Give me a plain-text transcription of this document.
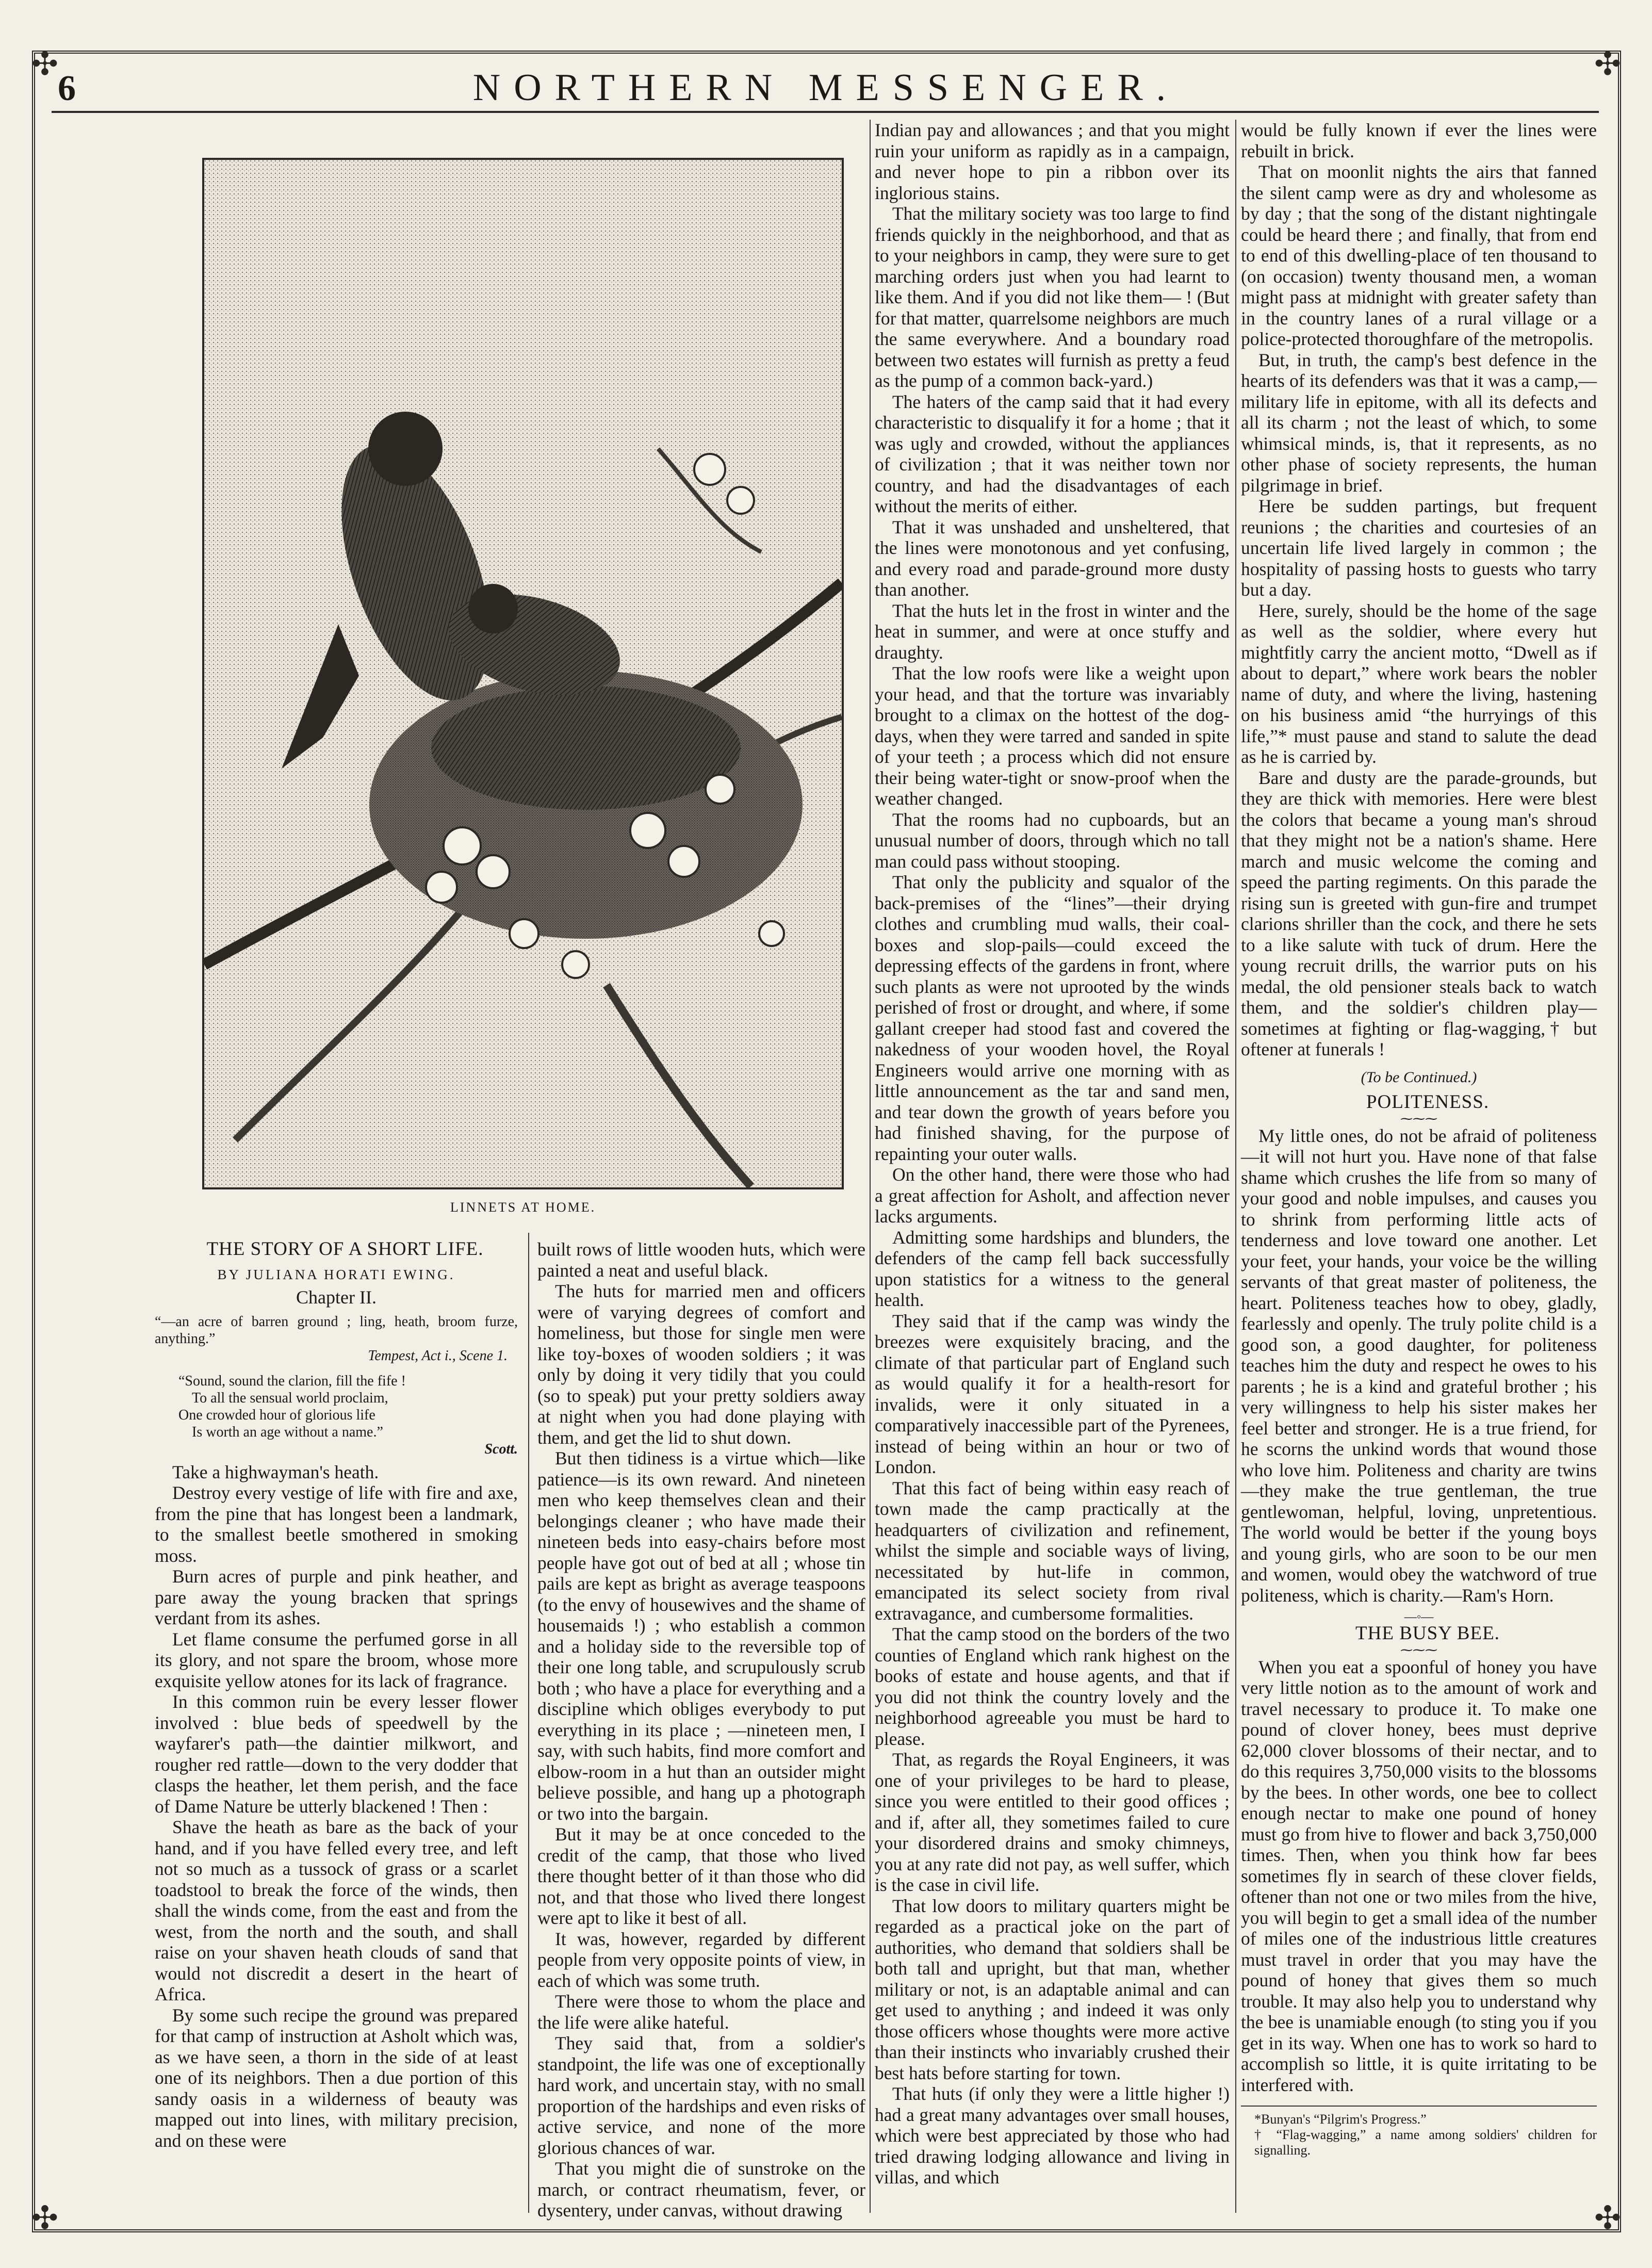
✣	✣
✣	✣
6	NORTHERN MESSENGER.
LINNETS AT HOME.

THE STORY OF A SHORT LIFE.

BY JULIANA HORATI EWING.
Chapter II.
“—an acre of barren ground ; ling, heath, broom furze, anything.”
Tempest, Act i., Scene 1.
“Sound, sound the clarion, fill the fife !
To all the sensual world proclaim,
One crowded hour of glorious life
Is worth an age without a name.”
Scott.

Take a highwayman's heath.

Destroy every vestige of life with fire and axe, from the pine that has longest been a landmark, to the smallest beetle smothered in smoking moss.

Burn acres of purple and pink heather, and pare away the young bracken that springs verdant from its ashes.

Let flame consume the perfumed gorse in all its glory, and not spare the broom, whose more exquisite yellow atones for its lack of fragrance.

In this common ruin be every lesser flower involved : blue beds of speedwell by the wayfarer's path—the daintier milkwort, and rougher red rattle—down to the very dodder that clasps the heather, let them perish, and the face of Dame Nature be utterly blackened ! Then :

Shave the heath as bare as the back of your hand, and if you have felled every tree, and left not so much as a tussock of grass or a scarlet toadstool to break the force of the winds, then shall the winds come, from the east and from the west, from the north and the south, and shall raise on your shaven heath clouds of sand that would not discredit a desert in the heart of Africa.

By some such recipe the ground was prepared for that camp of instruction at Asholt which was, as we have seen, a thorn in the side of at least one of its neighbors. Then a due portion of this sandy oasis in a wilderness of beauty was mapped out into lines, with military precision, and on these were

built rows of little wooden huts, which were painted a neat and useful black.

The huts for married men and officers were of varying degrees of comfort and homeliness, but those for single men were like toy-boxes of wooden soldiers ; it was only by doing it very tidily that you could (so to speak) put your pretty soldiers away at night when you had done playing with them, and get the lid to shut down.

But then tidiness is a virtue which—like patience—is its own reward. And nineteen men who keep themselves clean and their belongings cleaner ; who have made their nineteen beds into easy-chairs before most people have got out of bed at all ; whose tin pails are kept as bright as average teaspoons (to the envy of housewives and the shame of housemaids !) ; who establish a common and a holiday side to the reversible top of their one long table, and scrupulously scrub both ; who have a place for everything and a discipline which obliges everybody to put everything in its place ; —nineteen men, I say, with such habits, find more comfort and elbow-room in a hut than an outsider might believe possible, and hang up a photograph or two into the bargain.

But it may be at once conceded to the credit of the camp, that those who lived there thought better of it than those who did not, and that those who lived there longest were apt to like it best of all.

It was, however, regarded by different people from very opposite points of view, in each of which was some truth.

There were those to whom the place and the life were alike hateful.

They said that, from a soldier's standpoint, the life was one of exceptionally hard work, and uncertain stay, with no small proportion of the hardships and even risks of active service, and none of the more glorious chances of war.

That you might die of sunstroke on the march, or contract rheumatism, fever, or dysentery, under canvas, without drawing

Indian pay and allowances ; and that you might ruin your uniform as rapidly as in a campaign, and never hope to pin a ribbon over its inglorious stains.

That the military society was too large to find friends quickly in the neighborhood, and that as to your neighbors in camp, they were sure to get marching orders just when you had learnt to like them. And if you did not like them— ! (But for that matter, quarrelsome neighbors are much the same everywhere. And a boundary road between two estates will furnish as pretty a feud as the pump of a common back-yard.)

The haters of the camp said that it had every characteristic to disqualify it for a home ; that it was ugly and crowded, without the appliances of civilization ; that it was neither town nor country, and had the disadvantages of each without the merits of either.

That it was unshaded and unsheltered, that the lines were monotonous and yet confusing, and every road and parade-ground more dusty than another.

That the huts let in the frost in winter and the heat in summer, and were at once stuffy and draughty.

That the low roofs were like a weight upon your head, and that the torture was invariably brought to a climax on the hottest of the dog-days, when they were tarred and sanded in spite of your teeth ; a process which did not ensure their being water-tight or snow-proof when the weather changed.

That the rooms had no cupboards, but an unusual number of doors, through which no tall man could pass without stooping.

That only the publicity and squalor of the back-premises of the “lines”—their drying clothes and crumbling mud walls, their coal-boxes and slop-pails—could exceed the depressing effects of the gardens in front, where such plants as were not uprooted by the winds perished of frost or drought, and where, if some gallant creeper had stood fast and covered the nakedness of your wooden hovel, the Royal Engineers would arrive one morning with as little announcement as the tar and sand men, and tear down the growth of years before you had finished shaving, for the purpose of repainting your outer walls.

On the other hand, there were those who had a great affection for Asholt, and affection never lacks arguments.

Admitting some hardships and blunders, the defenders of the camp fell back successfully upon statistics for a witness to the general health.

They said that if the camp was windy the breezes were exquisitely bracing, and the climate of that particular part of England such as would qualify it for a health-resort for invalids, were it only situated in a comparatively inaccessible part of the Pyrenees, instead of being within an hour or two of London.

That this fact of being within easy reach of town made the camp practically at the headquarters of civilization and refinement, whilst the simple and sociable ways of living, necessitated by hut-life in common, emancipated its select society from rival extravagance, and cumbersome formalities.

That the camp stood on the borders of the two counties of England which rank highest on the books of estate and house agents, and that if you did not think the country lovely and the neighborhood agreeable you must be hard to please.

That, as regards the Royal Engineers, it was one of your privileges to be hard to please, since you were entitled to their good offices ; and if, after all, they sometimes failed to cure your disordered drains and smoky chimneys, you at any rate did not pay, as well suffer, which is the case in civil life.

That low doors to military quarters might be regarded as a practical joke on the part of authorities, who demand that soldiers shall be both tall and upright, but that man, whether military or not, is an adaptable animal and can get used to anything ; and indeed it was only those officers whose thoughts were more active than their instincts who invariably crushed their best hats before starting for town.

That huts (if only they were a little higher !) had a great many advantages over small houses, which were best appreciated by those who had tried drawing lodging allowance and living in villas, and which

would be fully known if ever the lines were rebuilt in brick.

That on moonlit nights the airs that fanned the silent camp were as dry and wholesome as by day ; that the song of the distant nightingale could be heard there ; and finally, that from end to end of this dwelling-place of ten thousand to (on occasion) twenty thousand men, a woman might pass at midnight with greater safety than in the country lanes of a rural village or a police-protected thoroughfare of the metropolis.

But, in truth, the camp's best defence in the hearts of its defenders was that it was a camp,—military life in epitome, with all its defects and all its charm ; not the least of which, to some whimsical minds, is, that it represents, as no other phase of society represents, the human pilgrimage in brief.

Here be sudden partings, but frequent reunions ; the charities and courtesies of an uncertain life lived largely in common ; the hospitality of passing hosts to guests who tarry but a day.

Here, surely, should be the home of the sage as well as the soldier, where every hut mightfitly carry the ancient motto, “Dwell as if about to depart,” where work bears the nobler name of duty, and where the living, hastening on his business amid “the hurryings of this life,”* must pause and stand to salute the dead as he is carried by.

Bare and dusty are the parade-grounds, but they are thick with memories. Here were blest the colors that became a young man's shroud that they might not be a nation's shame. Here march and music welcome the coming and speed the parting regiments. On this parade the rising sun is greeted with gun-fire and trumpet clarions shriller than the cock, and there he sets to a like salute with tuck of drum. Here the young recruit drills, the warrior puts on his medal, the old pensioner steals back to watch them, and the soldier's children play—sometimes at fighting or flag-wagging,† but oftener at funerals !

(To be Continued.)

POLITENESS.

⁓⁓⁓

My little ones, do not be afraid of politeness—it will not hurt you. Have none of that false shame which crushes the life from so many of your good and noble impulses, and causes you to shrink from performing little acts of tenderness and love toward one another. Let your feet, your hands, your voice be the willing servants of that great master of politeness, the heart. Politeness teaches how to obey, gladly, fearlessly and openly. The truly polite child is a good son, a good daughter, for politeness teaches him the duty and respect he owes to his parents ; he is a kind and grateful brother ; his very willingness to help his sister makes her feel better and stronger. He is a true friend, for he scorns the unkind words that wound those who love him. Politeness and charity are twins —they make the true gentleman, the true gentlewoman, helpful, loving, unpretentious. The world would be better if the young boys and young girls, who are soon to be our men and women, would obey the watchword of true politeness, which is charity.—Ram's Horn.

—◦—

THE BUSY BEE.

⁓⁓⁓

When you eat a spoonful of honey you have very little notion as to the amount of work and travel necessary to produce it. To make one pound of clover honey, bees must deprive 62,000 clover blossoms of their nectar, and to do this requires 3,750,000 visits to the blossoms by the bees. In other words, one bee to collect enough nectar to make one pound of honey must go from hive to flower and back 3,750,000 times. Then, when you think how far bees sometimes fly in search of these clover fields, oftener than not one or two miles from the hive, you will begin to get a small idea of the number of miles one of the industrious little creatures must travel in order that you may have the pound of honey that gives them so much trouble. It may also help you to understand why the bee is unamiable enough (to sting you if you get in its way. When one has to work so hard to accomplish so little, it is quite irritating to be interfered with.

*Bunyan's “Pilgrim's Progress.”
† “Flag-wagging,” a name among soldiers' children for signalling.
